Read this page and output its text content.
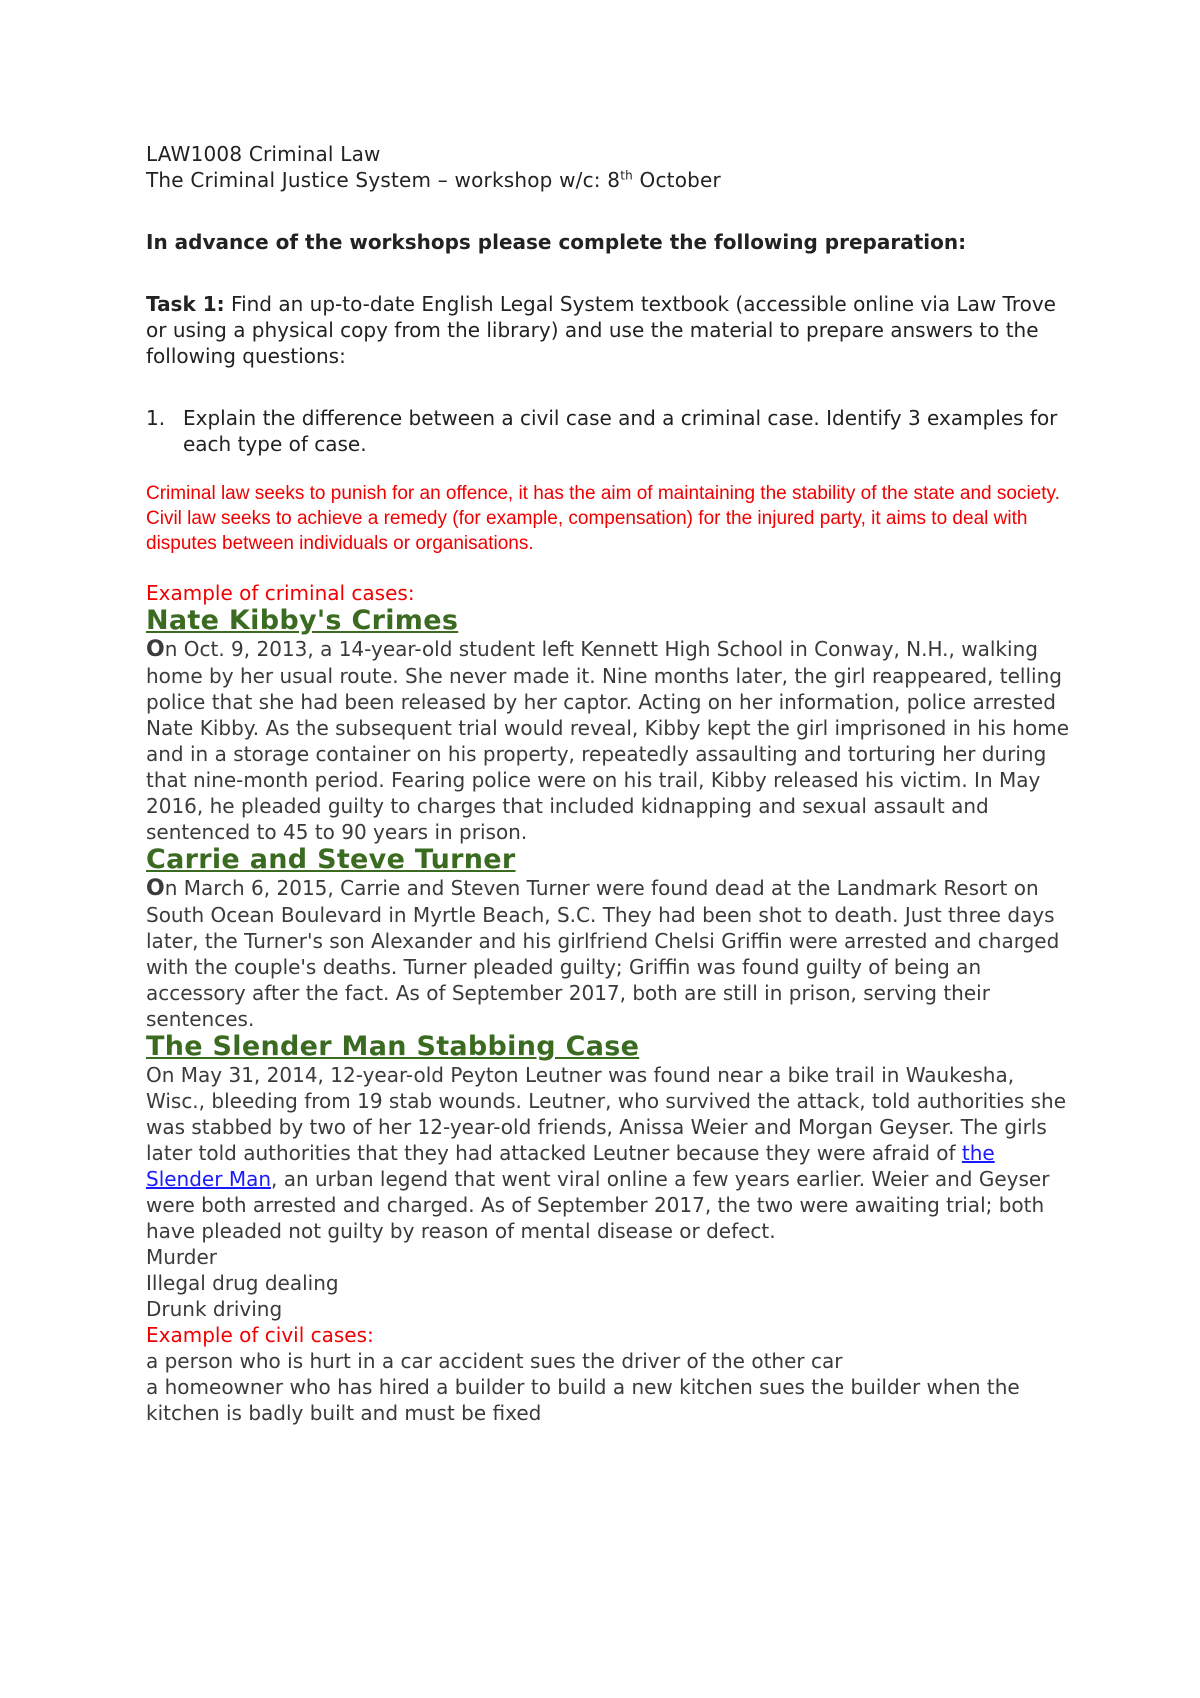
LAW1008 Criminal Law

The Criminal Justice System – workshop w/c: 8th October

In advance of the workshops please complete the following preparation:

Task 1: Find an up-to-date English Legal System textbook (accessible online via Law Trove or using a physical copy from the library) and use the material to prepare answers to the following questions:

1. Explain the difference between a civil case and a criminal case. Identify 3 examples for each type of case.

Criminal law seeks to punish for an offence, it has the aim of maintaining the stability of the state and society. Civil law seeks to achieve a remedy (for example, compensation) for the injured party, it aims to deal with disputes between individuals or organisations.

Example of criminal cases:

Nate Kibby's Crimes

On Oct. 9, 2013, a 14-year-old student left Kennett High School in Conway, N.H., walking home by her usual route. She never made it. Nine months later, the girl reappeared, telling police that she had been released by her captor. Acting on her information, police arrested Nate Kibby. As the subsequent trial would reveal, Kibby kept the girl imprisoned in his home and in a storage container on his property, repeatedly assaulting and torturing her during that nine-month period. Fearing police were on his trail, Kibby released his victim. In May 2016, he pleaded guilty to charges that included kidnapping and sexual assault and sentenced to 45 to 90 years in prison.

Carrie and Steve Turner

On March 6, 2015, Carrie and Steven Turner were found dead at the Landmark Resort on South Ocean Boulevard in Myrtle Beach, S.C. They had been shot to death. Just three days later, the Turner's son Alexander and his girlfriend Chelsi Griffin were arrested and charged with the couple's deaths. Turner pleaded guilty; Griffin was found guilty of being an accessory after the fact. As of September 2017, both are still in prison, serving their sentences.

The Slender Man Stabbing Case

On May 31, 2014, 12-year-old Peyton Leutner was found near a bike trail in Waukesha, Wisc., bleeding from 19 stab wounds. Leutner, who survived the attack, told authorities she was stabbed by two of her 12-year-old friends, Anissa Weier and Morgan Geyser. The girls later told authorities that they had attacked Leutner because they were afraid of the Slender Man, an urban legend that went viral online a few years earlier. Weier and Geyser were both arrested and charged. As of September 2017, the two were awaiting trial; both have pleaded not guilty by reason of mental disease or defect.

Murder

Illegal drug dealing

Drunk driving

Example of civil cases:

a person who is hurt in a car accident sues the driver of the other car

a homeowner who has hired a builder to build a new kitchen sues the builder when the kitchen is badly built and must be fixed
